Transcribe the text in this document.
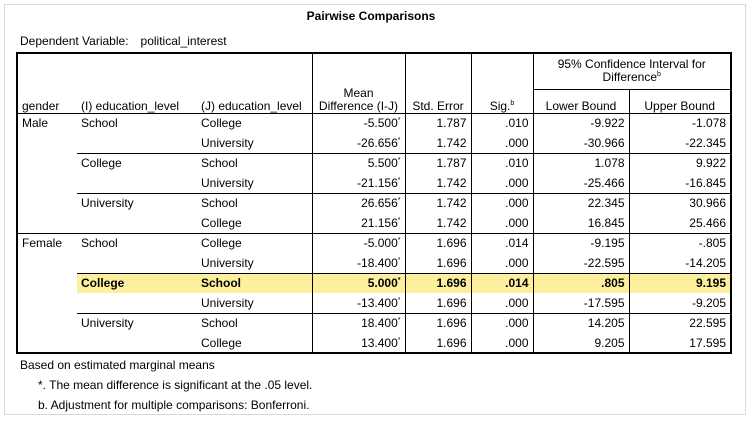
Pairwise Comparisons
Dependent Variable: political_interest
gender	(I) education_level	(J) education_level	Mean Difference (I-J)	Std. Error	Sig.$^b$	95% Confidence Interval for Difference$^b$
						Lower Bound	Upper Bound
Male	School	College	-5.500*	1.787	.010	-9.922	-1.078
		University	-26.656*	1.742	.000	-30.966	-22.345
	College	School	5.500*	1.787	.010	1.078	9.922
		University	-21.156*	1.742	.000	-25.466	-16.845
	University	School	26.656*	1.742	.000	22.345	30.966
		College	21.156*	1.742	.000	16.845	25.466
Female	School	College	-5.000*	1.696	.014	-9.195	-.805
		University	-18.400*	1.696	.000	-22.595	-14.205
	College	School	5.000*	1.696	.014	.805	9.195
		University	-13.400*	1.696	.000	-17.595	-9.205
	University	School	18.400*	1.696	.000	14.205	22.595
		College	13.400*	1.696	.000	9.205	17.595
Based on estimated marginal means
*. The mean difference is significant at the .05 level.
b. Adjustment for multiple comparisons: Bonferroni.
